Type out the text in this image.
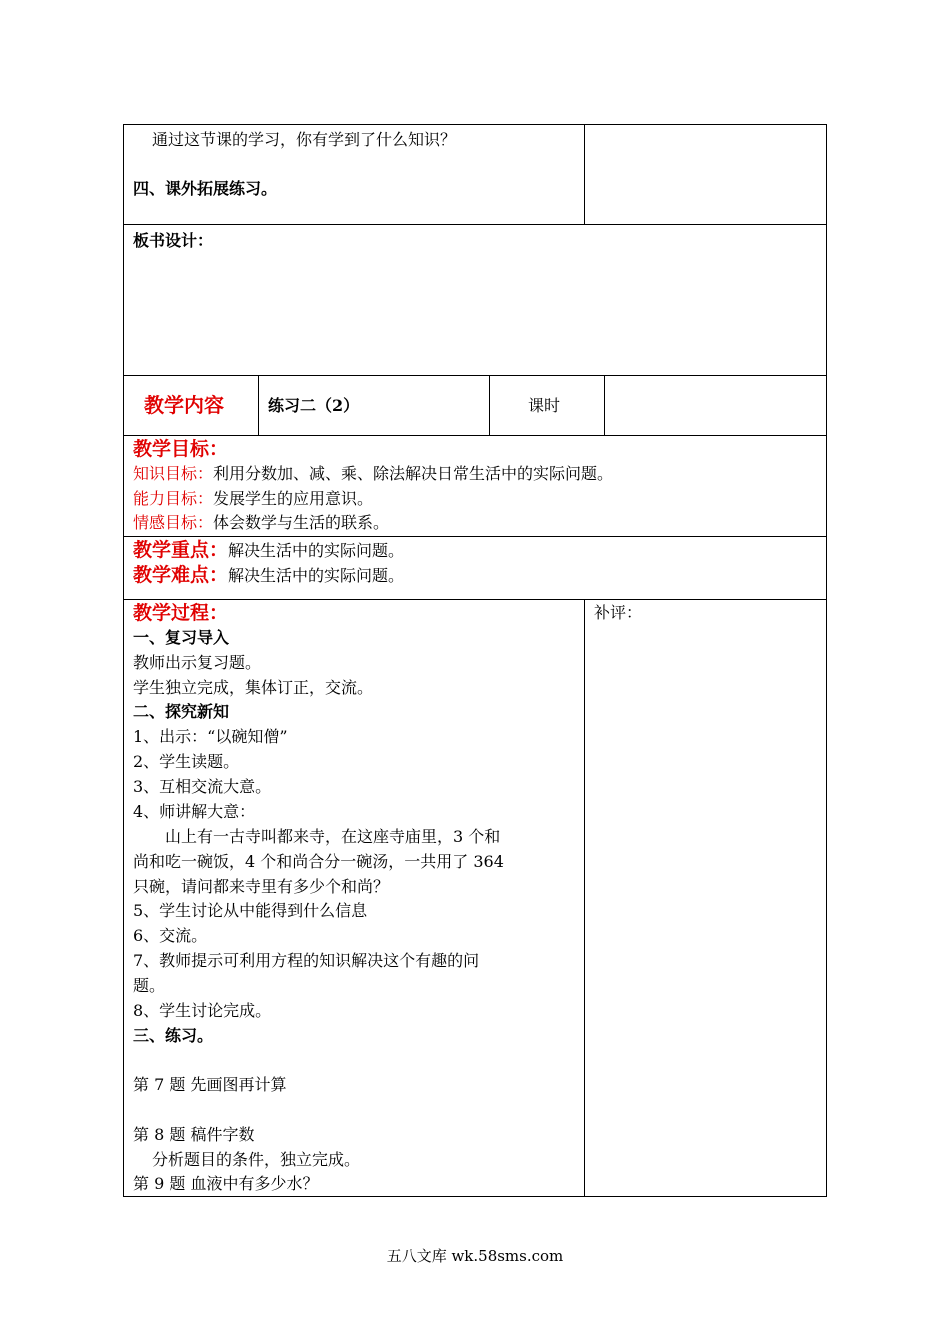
通过这节课的学习，你有学到了什么知识？
四、课外拓展练习。
板书设计：
教学内容	练习二（2）	课时
教学目标：
知识目标：利用分数加、减、乘、除法解决日常生活中的实际问题。
能力目标：发展学生的应用意识。
情感目标：体会数学与生活的联系。
教学重点：解决生活中的实际问题。
教学难点：解决生活中的实际问题。
教学过程：
一、复习导入
教师出示复习题。
学生独立完成，集体订正，交流。
二、探究新知
1、出示：“以碗知僧”
2、学生读题。
3、互相交流大意。
4、师讲解大意：
山上有一古寺叫都来寺，在这座寺庙里，3 个和
尚和吃一碗饭，4 个和尚合分一碗汤，一共用了 364
只碗，请问都来寺里有多少个和尚？
5、学生讨论从中能得到什么信息
6、交流。
7、教师提示可利用方程的知识解决这个有趣的问
题。
8、学生讨论完成。
三、练习。
第 7 题 先画图再计算
第 8 题 稿件字数
分析题目的条件，独立完成。
第 9 题 血液中有多少水？
补评：
五八文库 wk.58sms.com
